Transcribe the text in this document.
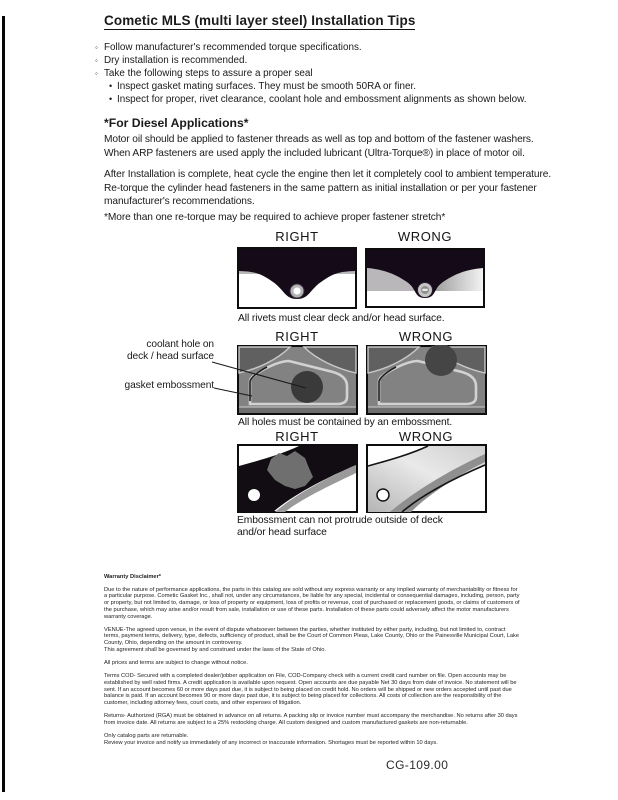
Cometic MLS (multi layer steel) Installation Tips
◦ Follow manufacturer's recommended torque specifications.
◦ Dry installation is recommended.
◦ Take the following steps to assure a proper seal
• Inspect gasket mating surfaces. They must be smooth 50RA or finer.
• Inspect for proper, rivet clearance, coolant hole and embossment alignments as shown below.
*For Diesel Applications*
Motor oil should be applied to fastener threads as well as top and bottom of the fastener washers. When ARP fasteners are used apply the included lubricant (Ultra-Torque®) in place of motor oil.
After Installation is complete, heat cycle the engine then let it completely cool to ambient temperature. Re-torque the cylinder head fasteners in the same pattern as initial installation or per your fastener manufacturer's recommendations.
*More than one re-torque may be required to achieve proper fastener stretch*
RIGHT	WRONG
All rivets must clear deck and/or head surface.
RIGHT	WRONG
coolant hole on
deck / head surface
gasket embossment
All holes must be contained by an embossment.
RIGHT	WRONG
Embossment can not protrude outside of deck and/or head surface
Warranty Disclaimer*

Due to the nature of performance applications, the parts in this catalog are sold without any express warranty or any implied warranty of merchantability or fitness for a particular purpose. Cometic Gasket Inc., shall not, under any circumstances, be liable for any special, incidental or consequential damages, including, person, party or property, but not limited to, damage, or loss of property or equipment, loss of profits or revenue, cost of purchased or replacement goods, or claims of customers of the purchase, which may arise and/or result from sale, installation or use of these parts. Installation of these parts could adversely affect the motor manufacturers warranty coverage.

VENUE-The agreed upon venue, in the event of dispute whatsoever between the parties, whether instituted by either party, including, but not limited to, contract terms, payment terms, delivery, type, defects, sufficiency of product, shall be the Court of Common Pleas, Lake County, Ohio or the Painesville Municipal Court, Lake County, Ohio, depending on the amount in controversy.

This agreement shall be governed by and construed under the laws of the State of Ohio.

All prices and terms are subject to change without notice.

Terms COD- Secured with a completed dealer/jobber application on File, COD-Company check with a current credit card number on file. Open accounts may be established by well rated firms. A credit application is available upon request. Open accounts are due payable Net 30 days from date of invoice. No statement will be sent. If an account becomes 60 or more days past due, it is subject to being placed on credit hold. No orders will be shipped or new orders accepted until past due balance is paid. If an account becomes 90 or more days past due, it is subject to being placed for collections. All costs of collection are the responsibility of the customer, including attorney fees, court costs, and other expenses of litigation.

Returns- Authorized (RGA) must be obtained in advance on all returns. A packing slip or invoice number must accompany the merchandise. No returns after 30 days from invoice date. All returns are subject to a 25% restocking charge. All custom designed and custom manufactured gaskets are non-returnable.

Only catalog parts are returnable.

Review your invoice and notify us immediately of any incorrect or inaccurate information. Shortages must be reported within 10 days.

CG-109.00
